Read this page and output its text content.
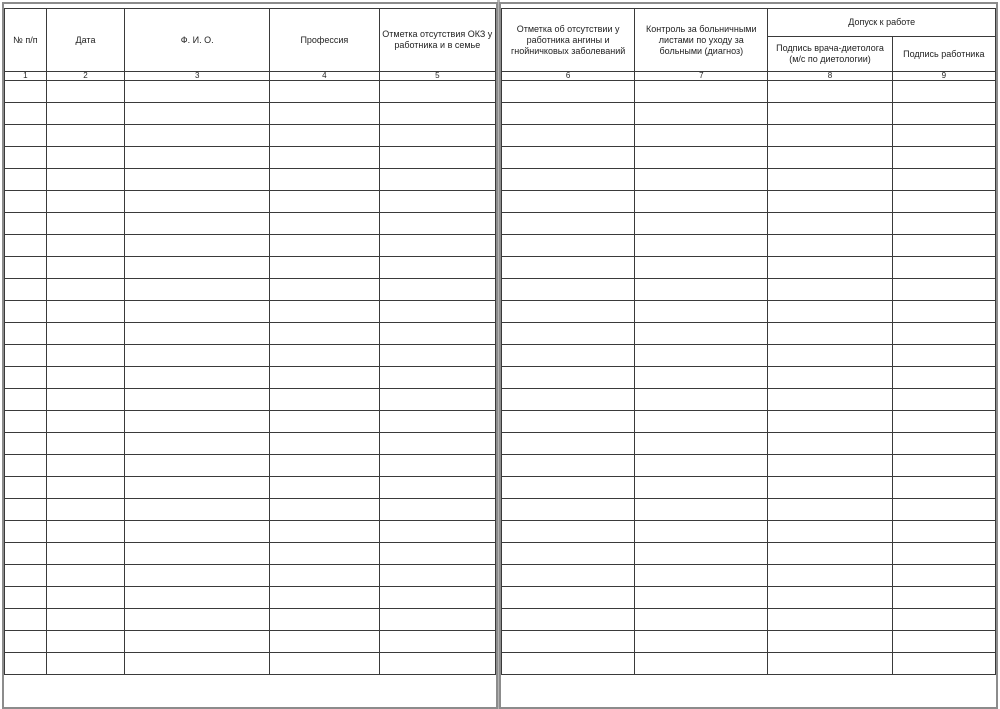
№ п/п	Дата	Ф. И. О.	Профессия	Отметка отсутствия ОКЗ у работника и в семье
1	2	3	4	5

Отметка об отсутствии у работника ангины и гнойничковых заболеваний	Контроль за больничными листами по уходу за больными (диагноз)	Допуск к работе	
		Подпись врача-диетолога (м/с по диетологии)	Подпись работника
6	7	8	9
